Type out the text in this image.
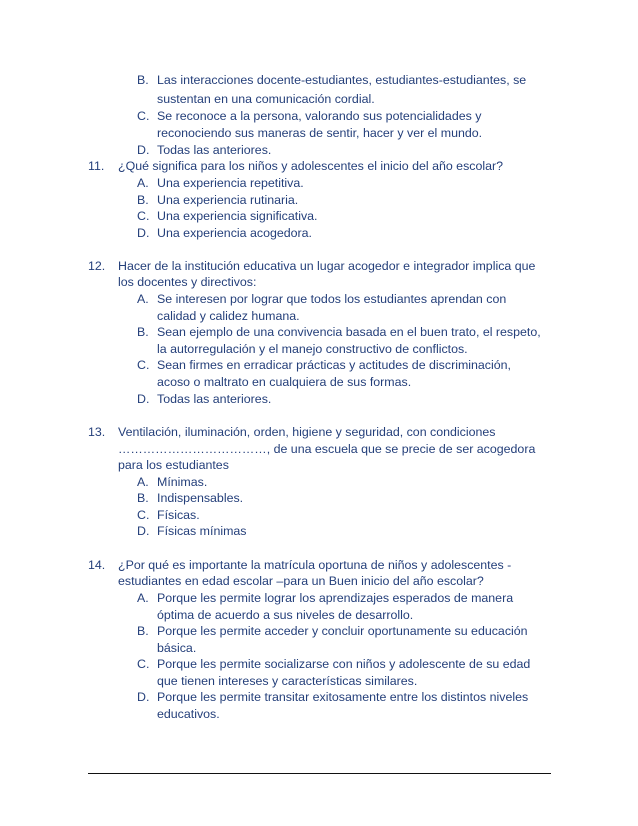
B. Las interacciones docente-estudiantes, estudiantes-estudiantes, se
sustentan en una comunicación cordial.
C. Se reconoce a la persona, valorando sus potencialidades y
reconociendo sus maneras de sentir, hacer y ver el mundo.
D. Todas las anteriores.
11. ¿Qué significa para los niños y adolescentes el inicio del año escolar?
A. Una experiencia repetitiva.
B. Una experiencia rutinaria.
C. Una experiencia significativa.
D. Una experiencia acogedora.
12. Hacer de la institución educativa un lugar acogedor e integrador implica que
los docentes y directivos:
A. Se interesen por lograr que todos los estudiantes aprendan con
calidad y calidez humana.
B. Sean ejemplo de una convivencia basada en el buen trato, el respeto,
la autorregulación y el manejo constructivo de conflictos.
C. Sean firmes en erradicar prácticas y actitudes de discriminación,
acoso o maltrato en cualquiera de sus formas.
D. Todas las anteriores.
13. Ventilación, iluminación, orden, higiene y seguridad, con condiciones
………………………………, de una escuela que se precie de ser acogedora
para los estudiantes
A. Mínimas.
B. Indispensables.
C. Físicas.
D. Físicas mínimas
14. ¿Por qué es importante la matrícula oportuna de niños y adolescentes -
estudiantes en edad escolar –para un Buen inicio del año escolar?
A. Porque les permite lograr los aprendizajes esperados de manera
óptima de acuerdo a sus niveles de desarrollo.
B. Porque les permite acceder y concluir oportunamente su educación
básica.
C. Porque les permite socializarse con niños y adolescente de su edad
que tienen intereses y características similares.
D. Porque les permite transitar exitosamente entre los distintos niveles
educativos.
